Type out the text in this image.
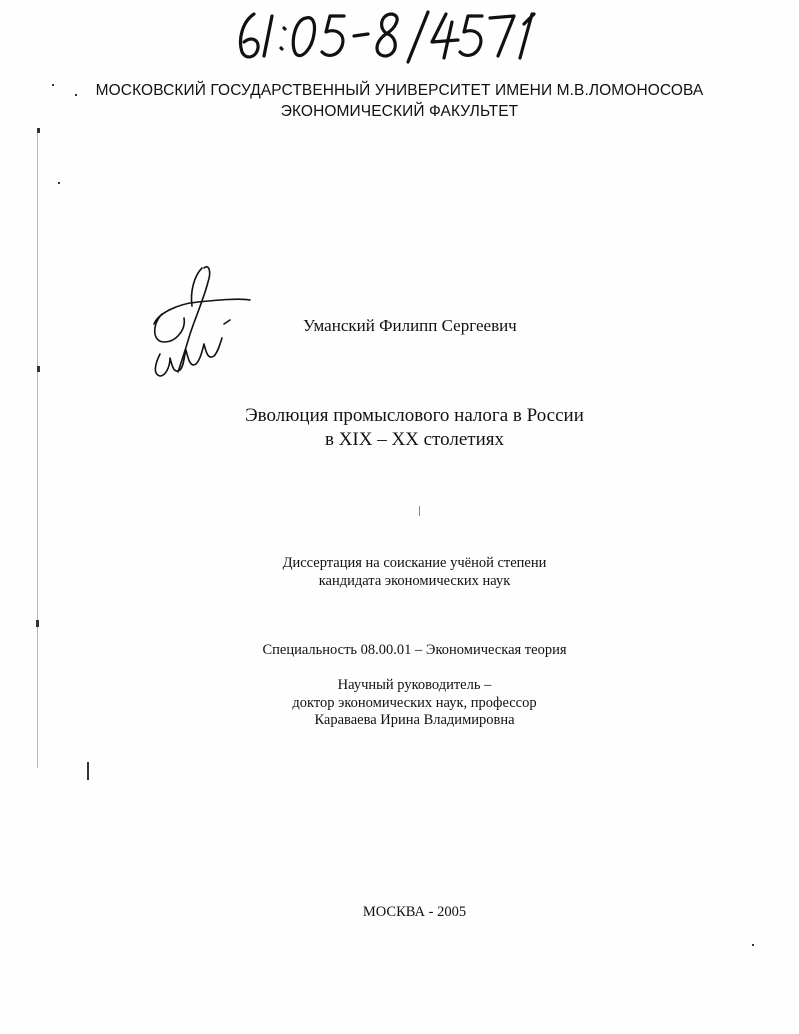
МОСКОВСКИЙ ГОСУДАРСТВЕННЫЙ УНИВЕРСИТЕТ ИМЕНИ М.В.ЛОМОНОСОВА
ЭКОНОМИЧЕСКИЙ ФАКУЛЬТЕТ
Уманский Филипп Сергеевич
Эволюция промыслового налога в России
в XIX – XX столетиях
Диссертация на соискание учёной степени
кандидата экономических наук
Специальность 08.00.01 – Экономическая теория
Научный руководитель –
доктор экономических наук, профессор
Караваева Ирина Владимировна
МОСКВА - 2005
